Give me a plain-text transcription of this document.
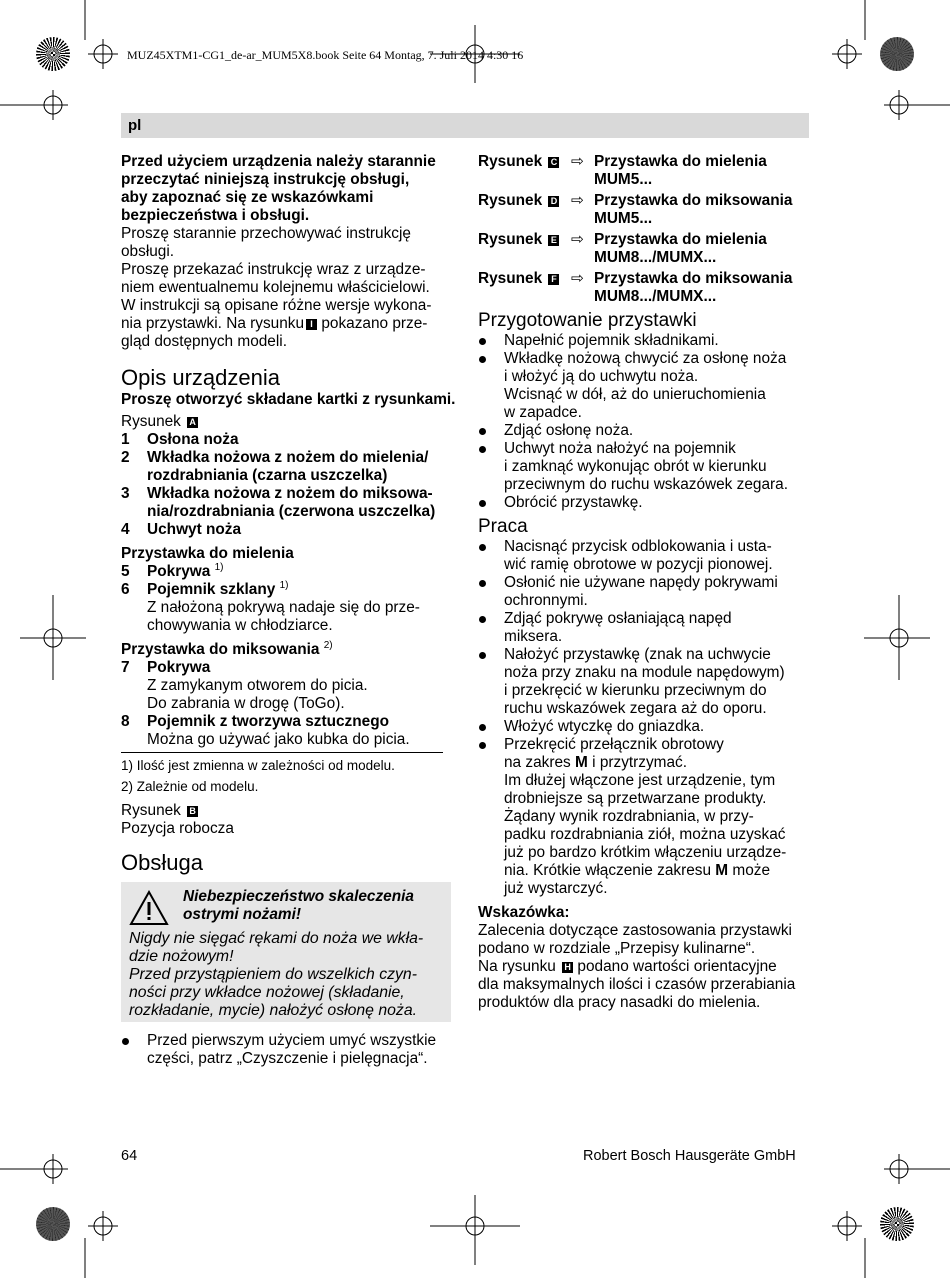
MUZ45XTM1-CG1_de-ar_MUM5X8.book Seite 64 Montag, 7. Juli 2014 4:30 16
pl

Przed użyciem urządzenia należy starannie
przeczytać niniejszą instrukcję obsługi,
aby zapoznać się ze wskazówkami
bezpieczeństwa i obsługi.

Proszę starannie przechowywać instrukcję
obsługi.
Proszę przekazać instrukcję wraz z urządze-
niem ewentualnemu kolejnemu właścicielowi.
W instrukcji są opisane różne wersje wykona-
nia przystawki. Na rysunku I pokazano prze-
gląd dostępnych modeli.

Opis urządzenia

Proszę otworzyć składane kartki z rysunkami.

Rysunek A

1 Osłona noża
2 Wkładka nożowa z nożem do mielenia/
rozdrabniania (czarna uszczelka)
3 Wkładka nożowa z nożem do miksowa-
nia/rozdrabniania (czerwona uszczelka)
4 Uchwyt noża

Przystawka do mielenia

5 Pokrywa $^{1)}$
6 Pojemnik szklany $^{1)}$
Z nałożoną pokrywą nadaje się do prze-
chowywania w chłodziarce.

Przystawka do miksowania $^{2)}$

7 Pokrywa
Z zamykanym otworem do picia.
Do zabrania w drogę (ToGo).
8 Pojemnik z tworzywa sztucznego
Można go używać jako kubka do picia.

1) Ilość jest zmienna w zależności od modelu.

2) Zależnie od modelu.

Rysunek B

Pozycja robocza

Obsługa

Niebezpieczeństwo skaleczenia
ostrymi nożami!

Nigdy nie sięgać rękami do noża we wkła-
dzie nożowym!
Przed przystąpieniem do wszelkich czyn-
ności przy wkładce nożowej (składanie,
rozkładanie, mycie) nałożyć osłonę noża.

Przed pierwszym użyciem umyć wszystkie
części, patrz „Czyszczenie i pielęgnacja“.
Rysunek C ⇨ Przystawka do mielenia
MUM5...
Rysunek D ⇨ Przystawka do miksowania
MUM5...
Rysunek E ⇨ Przystawka do mielenia
MUM8.../MUMX...
Rysunek F ⇨ Przystawka do miksowania
MUM8.../MUMX...

Przygotowanie przystawki

Napełnić pojemnik składnikami.
Wkładkę nożową chwycić za osłonę noża
i włożyć ją do uchwytu noża.
Wcisnąć w dół, aż do unieruchomienia
w zapadce.
Zdjąć osłonę noża.
Uchwyt noża nałożyć na pojemnik
i zamknąć wykonując obrót w kierunku
przeciwnym do ruchu wskazówek zegara.
Obrócić przystawkę.

Praca

Nacisnąć przycisk odblokowania i usta-
wić ramię obrotowe w pozycji pionowej.
Osłonić nie używane napędy pokrywami
ochronnymi.
Zdjąć pokrywę osłaniającą napęd
miksera.
Nałożyć przystawkę (znak na uchwycie
noża przy znaku na module napędowym)
i przekręcić w kierunku przeciwnym do
ruchu wskazówek zegara aż do oporu.
Włożyć wtyczkę do gniazdka.
Przekręcić przełącznik obrotowy
na zakres M i przytrzymać.
Im dłużej włączone jest urządzenie, tym
drobniejsze są przetwarzane produkty.
Żądany wynik rozdrabniania, w przy-
padku rozdrabniania ziół, można uzyskać
już po bardzo krótkim włączeniu urządze-
nia. Krótkie włączenie zakresu M może
już wystarczyć.

Wskazówka:

Zalecenia dotyczące zastosowania przystawki
podano w rozdziale „Przepisy kulinarne“.

Na rysunku H podano wartości orientacyjne
dla maksymalnych ilości i czasów przerabiania
produktów dla pracy nasadki do mielenia.

64	Robert Bosch Hausgeräte GmbH
